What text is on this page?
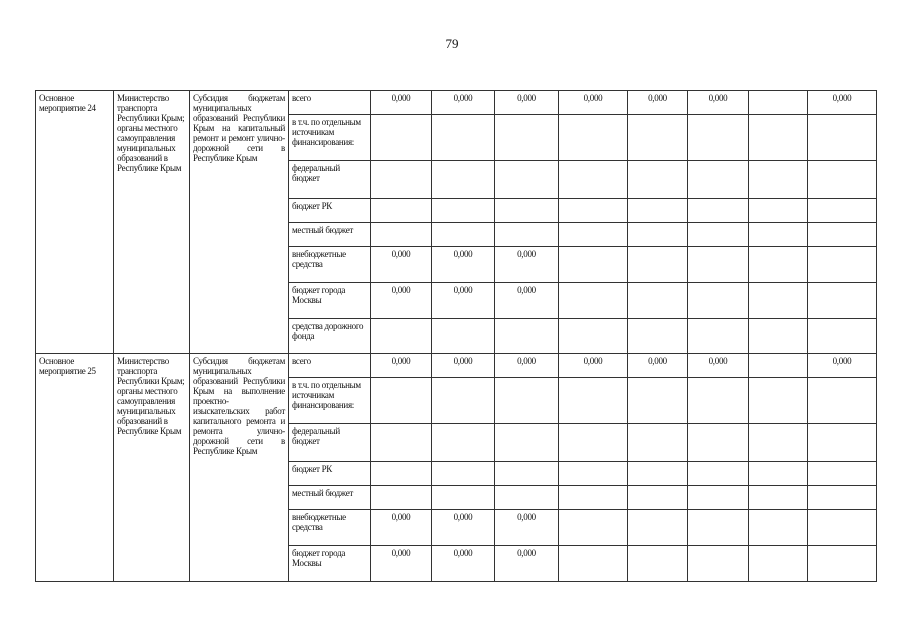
79
Основное мероприятие 24	Министерство транспорта Республики Крым; органы местного самоуправления муниципальных образований в Республике Крым	Субсидия бюджетам муниципальных образований Республики Крым на капитальный ремонт и ремонт улично-дорожной сети в Республике Крым	всего	0,000	0,000	0,000	0,000	0,000	0,000		0,000
			в т.ч. по отдельным источникам финансирования:								
			федеральный бюджет								
			бюджет РК								
			местный бюджет								
			внебюджетные средства	0,000	0,000	0,000					
			бюджет города Москвы	0,000	0,000	0,000					
			средства дорожного фонда								
Основное мероприятие 25	Министерство транспорта Республики Крым; органы местного самоуправления муниципальных образований в Республике Крым	Субсидия бюджетам муниципальных образований Республики Крым на выполнение проектно-изыскательских работ капитального ремонта и ремонта улично-дорожной сети в Республике Крым	всего	0,000	0,000	0,000	0,000	0,000	0,000		0,000
			в т.ч. по отдельным источникам финансирования:								
			федеральный бюджет								
			бюджет РК								
			местный бюджет								
			внебюджетные средства	0,000	0,000	0,000					
			бюджет города Москвы	0,000	0,000	0,000					
